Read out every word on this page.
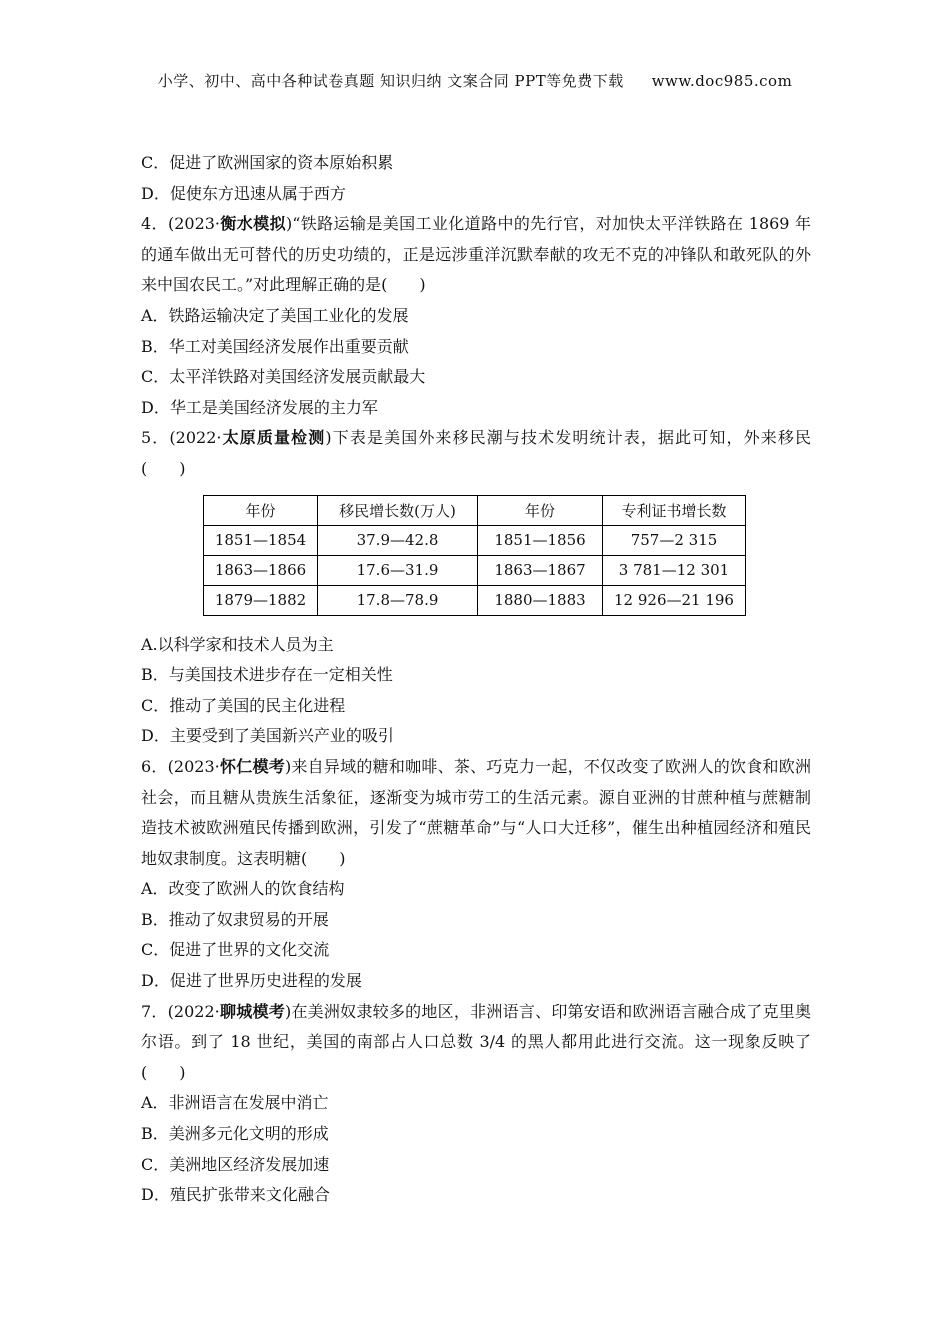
小学、初中、高中各种试卷真题 知识归纳 文案合同 PPT等免费下载 www.doc985.com
C．促进了欧洲国家的资本原始积累
D．促使东方迅速从属于西方
4．(2023·衡水模拟)“铁路运输是美国工业化道路中的先行官，对加快太平洋铁路在 1869 年的通车做出无可替代的历史功绩的，正是远涉重洋沉默奉献的攻无不克的冲锋队和敢死队的外来中国农民工。”对此理解正确的是(　　)
A．铁路运输决定了美国工业化的发展
B．华工对美国经济发展作出重要贡献
C．太平洋铁路对美国经济发展贡献最大
D．华工是美国经济发展的主力军
5．(2022·太原质量检测)下表是美国外来移民潮与技术发明统计表，据此可知，外来移民(　　)
年份	移民增长数(万人)	年份	专利证书增长数
1851—1854	37.9—42.8	1851—1856	757—2 315
1863—1866	17.6—31.9	1863—1867	3 781—12 301
1879—1882	17.8—78.9	1880—1883	12 926—21 196
A.以科学家和技术人员为主
B．与美国技术进步存在一定相关性
C．推动了美国的民主化进程
D．主要受到了美国新兴产业的吸引
6．(2023·怀仁模考)来自异域的糖和咖啡、茶、巧克力一起，不仅改变了欧洲人的饮食和欧洲社会，而且糖从贵族生活象征，逐渐变为城市劳工的生活元素。源自亚洲的甘蔗种植与蔗糖制造技术被欧洲殖民传播到欧洲，引发了“蔗糖革命”与“人口大迁移”，催生出种植园经济和殖民地奴隶制度。这表明糖(　　)
A．改变了欧洲人的饮食结构
B．推动了奴隶贸易的开展
C．促进了世界的文化交流
D．促进了世界历史进程的发展
7．(2022·聊城模考)在美洲奴隶较多的地区，非洲语言、印第安语和欧洲语言融合成了克里奥尔语。到了 18 世纪，美国的南部占人口总数 3/4 的黑人都用此进行交流。这一现象反映了(　　)
A．非洲语言在发展中消亡
B．美洲多元化文明的形成
C．美洲地区经济发展加速
D．殖民扩张带来文化融合
